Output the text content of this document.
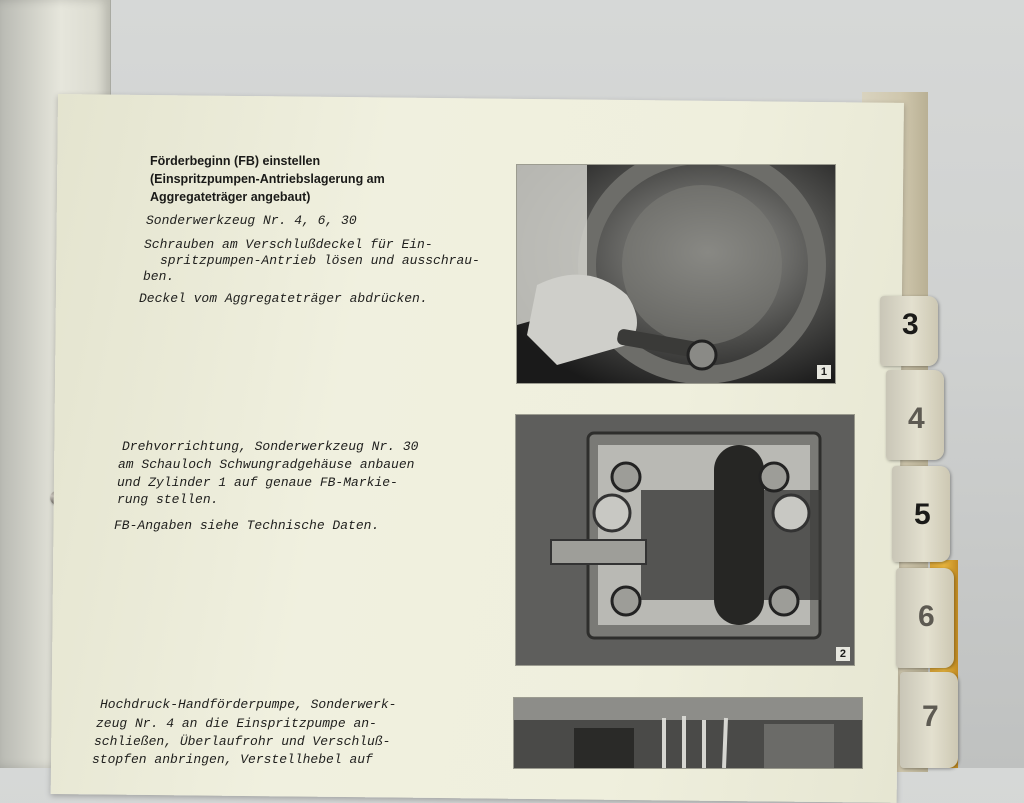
Förderbeginn (FB) einstellen
(Einspritzpumpen-Antriebslagerung am
Aggregateträger angebaut)
Sonderwerkzeug Nr. 4, 6, 30
Schrauben am Verschlußdeckel für Ein-
spritzpumpen-Antrieb lösen und ausschrau-
ben.
Deckel vom Aggregateträger abdrücken.
Drehvorrichtung, Sonderwerkzeug Nr. 30
am Schauloch Schwungradgehäuse anbauen
und Zylinder 1 auf genaue FB-Markie-
rung stellen.
FB-Angaben siehe Technische Daten.
Hochdruck-Handförderpumpe, Sonderwerk-
zeug Nr. 4 an die Einspritzpumpe an-
schließen, Überlaufrohr und Verschluß-
stopfen anbringen, Verstellhebel auf
1
2
3
4
5
6
7
